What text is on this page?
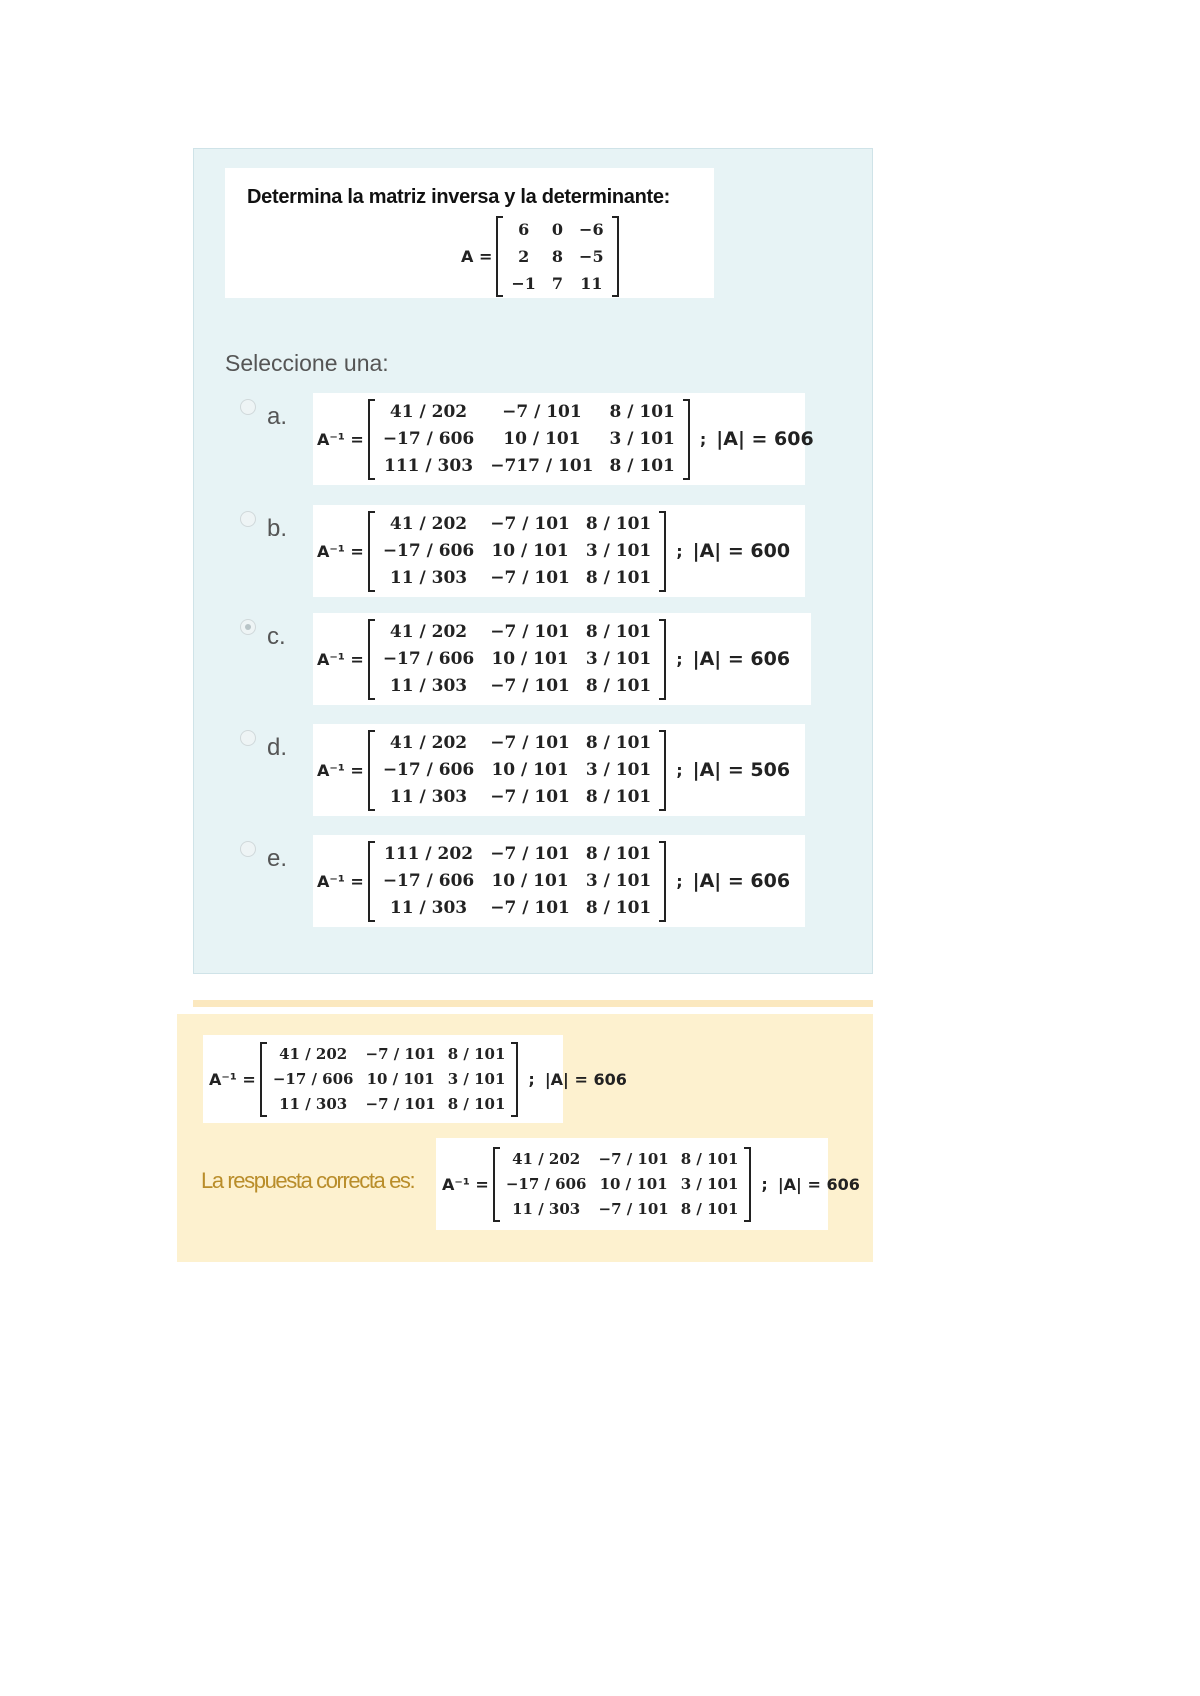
Determina la matriz inversa y la determinante:
A =
6	0	−6
2	8	−5
−1	7	11
Seleccione una:
a.
A⁻¹ =
41 / 202	−7 / 101	8 / 101
−17 / 606	10 / 101	3 / 101
111 / 303	−717 / 101	8 / 101
; |A| = 606
b.
A⁻¹ =
41 / 202	−7 / 101	8 / 101
−17 / 606	10 / 101	3 / 101
11 / 303	−7 / 101	8 / 101
; |A| = 600
c.
A⁻¹ =
41 / 202	−7 / 101	8 / 101
−17 / 606	10 / 101	3 / 101
11 / 303	−7 / 101	8 / 101
; |A| = 606
d.
A⁻¹ =
41 / 202	−7 / 101	8 / 101
−17 / 606	10 / 101	3 / 101
11 / 303	−7 / 101	8 / 101
; |A| = 506
e.
A⁻¹ =
111 / 202	−7 / 101	8 / 101
−17 / 606	10 / 101	3 / 101
11 / 303	−7 / 101	8 / 101
; |A| = 606
A⁻¹ =
41 / 202	−7 / 101	8 / 101
−17 / 606	10 / 101	3 / 101
11 / 303	−7 / 101	8 / 101
; |A| = 606
La respuesta correcta es: A⁻¹ =
41 / 202	−7 / 101	8 / 101
−17 / 606	10 / 101	3 / 101
11 / 303	−7 / 101	8 / 101
; |A| = 606
